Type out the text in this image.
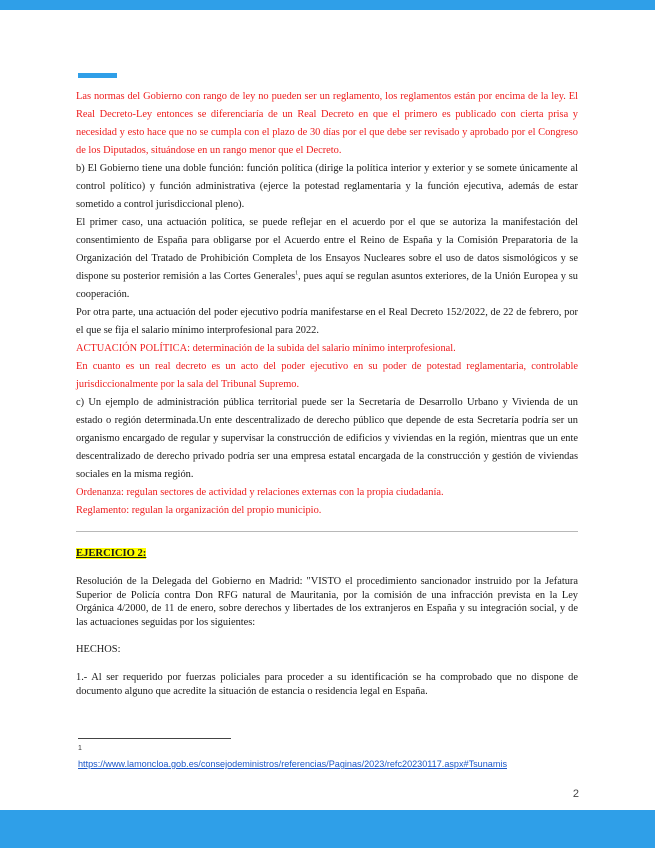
Las normas del Gobierno con rango de ley no pueden ser un reglamento, los reglamentos están por encima de la ley. El Real Decreto-Ley entonces se diferenciaría de un Real Decreto en que el primero es publicado con cierta prisa y necesidad y esto hace que no se cumpla con el plazo de 30 días por el que debe ser revisado y aprobado por el Congreso de los Diputados, situándose en un rango menor que el Decreto.

b) El Gobierno tiene una doble función: función política (dirige la política interior y exterior y se somete únicamente al control político) y función administrativa (ejerce la potestad reglamentaria y la función ejecutiva, además de estar sometido a control jurisdiccional pleno).

El primer caso, una actuación política, se puede reflejar en el acuerdo por el que se autoriza la manifestación del consentimiento de España para obligarse por el Acuerdo entre el Reino de España y la Comisión Preparatoria de la Organización del Tratado de Prohibición Completa de los Ensayos Nucleares sobre el uso de datos sismológicos y se dispone su posterior remisión a las Cortes Generales$^1$, pues aquí se regulan asuntos exteriores, de la Unión Europea y su cooperación.

Por otra parte, una actuación del poder ejecutivo podría manifestarse en el Real Decreto 152/2022, de 22 de febrero, por el que se fija el salario mínimo interprofesional para 2022.

ACTUACIÓN POLÍTICA: determinación de la subida del salario mínimo interprofesional.

En cuanto es un real decreto es un acto del poder ejecutivo en su poder de potestad reglamentaria, controlable jurisdiccionalmente por la sala del Tribunal Supremo.

c) Un ejemplo de administración pública territorial puede ser la Secretaría de Desarrollo Urbano y Vivienda de un estado o región determinada.Un ente descentralizado de derecho público que depende de esta Secretaría podría ser un organismo encargado de regular y supervisar la construcción de edificios y viviendas en la región, mientras que un ente descentralizado de derecho privado podría ser una empresa estatal encargada de la construcción y gestión de viviendas sociales en la misma región.

Ordenanza: regulan sectores de actividad y relaciones externas con la propia ciudadanía.

Reglamento: regulan la organización del propio municipio.

EJERCICIO 2:

Resolución de la Delegada del Gobierno en Madrid: "VISTO el procedimiento sancionador instruido por la Jefatura Superior de Policía contra Don RFG natural de Mauritania, por la comisión de una infracción prevista en la Ley Orgánica 4/2000, de 11 de enero, sobre derechos y libertades de los extranjeros en España y su integración social, y de las actuaciones seguidas por los siguientes:

HECHOS:

1.- Al ser requerido por fuerzas policiales para proceder a su identificación se ha comprobado que no dispone de documento alguno que acredite la situación de estancia o residencia legal en España.

1
https://www.lamoncloa.gob.es/consejodeministros/referencias/Paginas/2023/refc20230117.aspx#Tsunamis
2
